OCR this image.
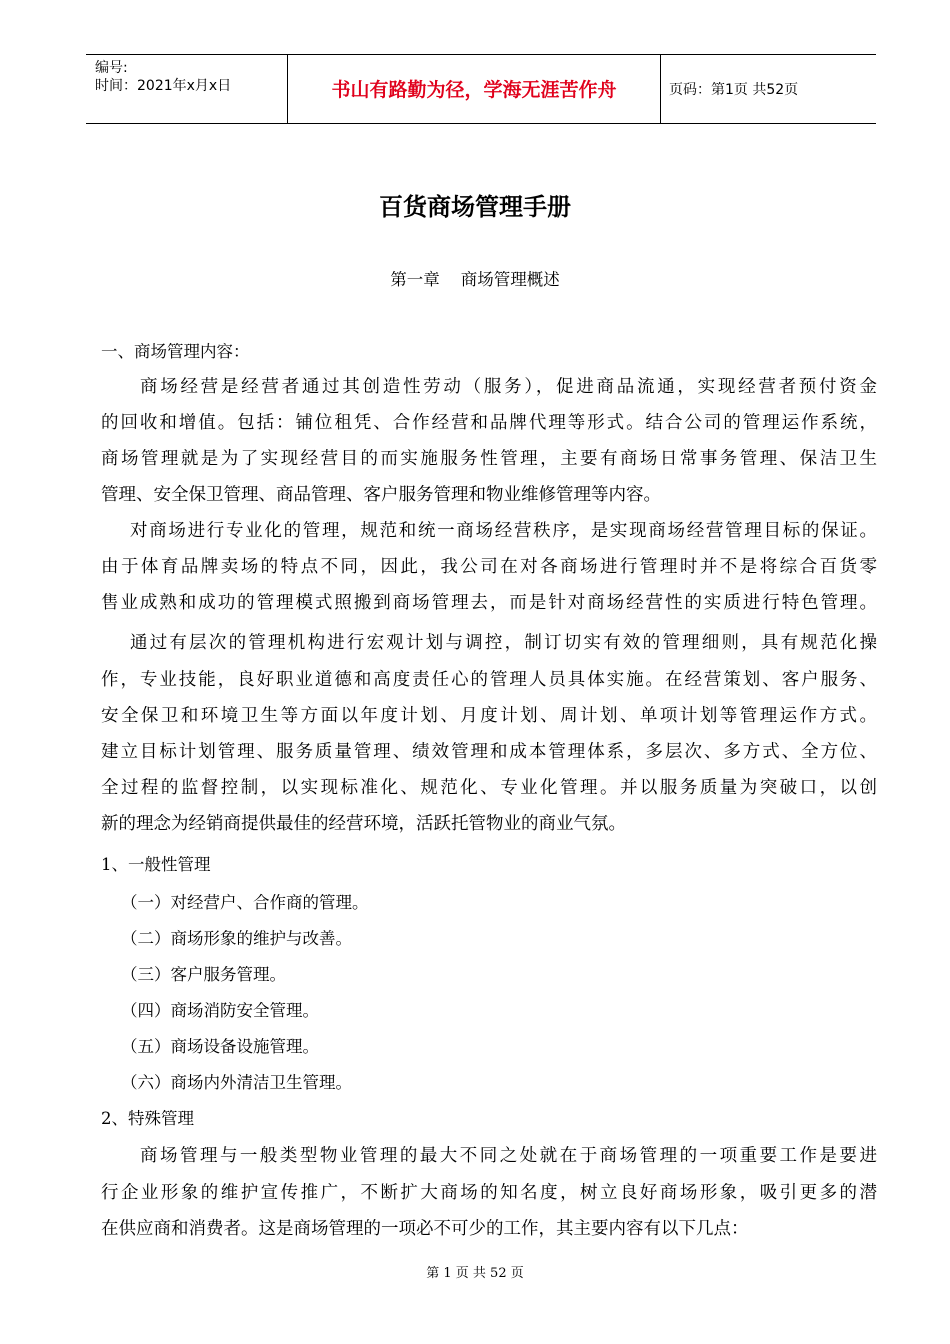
编号:
时间：2021年x月x日	书山有路勤为径，学海无涯苦作舟	页码：第1页 共52页
百货商场管理手册
第一章    商场管理概述
一、商场管理内容：
商场经营是经营者通过其创造性劳动（服务），促进商品流通，实现经营者预付资金
的回收和增值。包括：铺位租凭、合作经营和品牌代理等形式。结合公司的管理运作系统，
商场管理就是为了实现经营目的而实施服务性管理，主要有商场日常事务管理、保洁卫生
管理、安全保卫管理、商品管理、客户服务管理和物业维修管理等内容。
对商场进行专业化的管理，规范和统一商场经营秩序，是实现商场经营管理目标的保证。
由于体育品牌卖场的特点不同，因此，我公司在对各商场进行管理时并不是将综合百货零
售业成熟和成功的管理模式照搬到商场管理去，而是针对商场经营性的实质进行特色管理。
通过有层次的管理机构进行宏观计划与调控，制订切实有效的管理细则，具有规范化操
作，专业技能，良好职业道德和高度责任心的管理人员具体实施。在经营策划、客户服务、
安全保卫和环境卫生等方面以年度计划、月度计划、周计划、单项计划等管理运作方式。
建立目标计划管理、服务质量管理、绩效管理和成本管理体系，多层次、多方式、全方位、
全过程的监督控制，以实现标准化、规范化、专业化管理。并以服务质量为突破口，以创
新的理念为经销商提供最佳的经营环境，活跃托管物业的商业气氛。
1、一般性管理
（一）对经营户、合作商的管理。
（二）商场形象的维护与改善。
（三）客户服务管理。
（四）商场消防安全管理。
（五）商场设备设施管理。
（六）商场内外清洁卫生管理。
2、特殊管理
商场管理与一般类型物业管理的最大不同之处就在于商场管理的一项重要工作是要进
行企业形象的维护宣传推广，不断扩大商场的知名度，树立良好商场形象，吸引更多的潜
在供应商和消费者。这是商场管理的一项必不可少的工作，其主要内容有以下几点：
第 1 页 共 52 页
